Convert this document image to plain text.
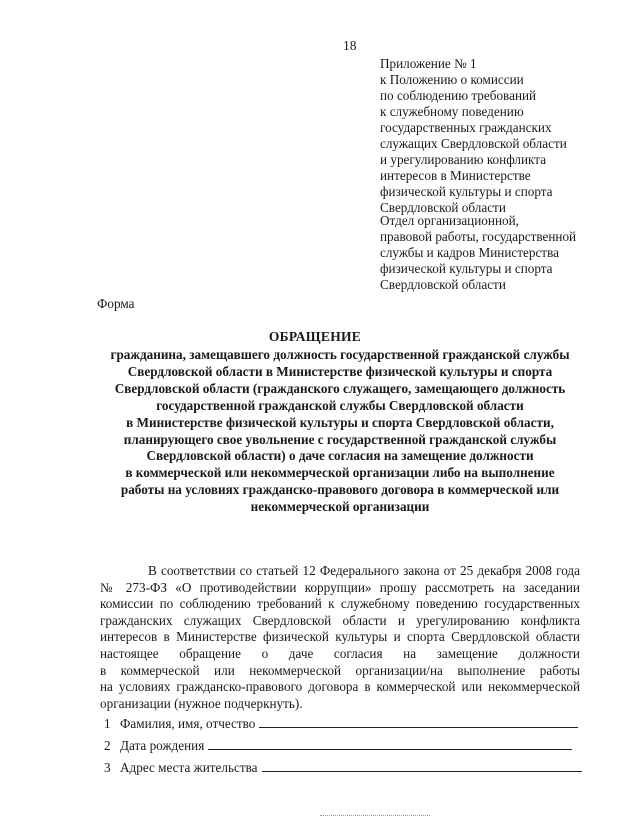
18
Приложение № 1
к Положению о комиссии
по соблюдению требований
к служебному поведению
государственных гражданских
служащих Свердловской области
и урегулированию конфликта
интересов в Министерстве
физической культуры и спорта
Свердловской области
Отдел организационной,
правовой работы, государственной
службы и кадров Министерства
физической культуры и спорта
Свердловской области
Форма
ОБРАЩЕНИЕ
гражданина, замещавшего должность государственной гражданской службы
Свердловской области в Министерстве физической культуры и спорта
Свердловской области (гражданского служащего, замещающего должность
государственной гражданской службы Свердловской области
в Министерстве физической культуры и спорта Свердловской области,
планирующего свое увольнение с государственной гражданской службы
Свердловской области) о даче согласия на замещение должности
в коммерческой или некоммерческой организации либо на выполнение
работы на условиях гражданско-правового договора в коммерческой или
некоммерческой организации
В соответствии со статьей 12 Федерального закона от 25 декабря 2008 года
№ 273-ФЗ «О противодействии коррупции» прошу рассмотреть на заседании
комиссии по соблюдению требований к служебному поведению государственных
гражданских служащих Свердловской области и урегулированию конфликта
интересов в Министерстве физической культуры и спорта Свердловской области
настоящее обращение о даче согласия на замещение должности
в коммерческой или некоммерческой организации/на выполнение работы
на условиях гражданско-правового договора в коммерческой или некоммерческой
организации (нужное подчеркнуть).
1 Фамилия, имя, отчество
2 Дата рождения
3 Адрес места жительства
